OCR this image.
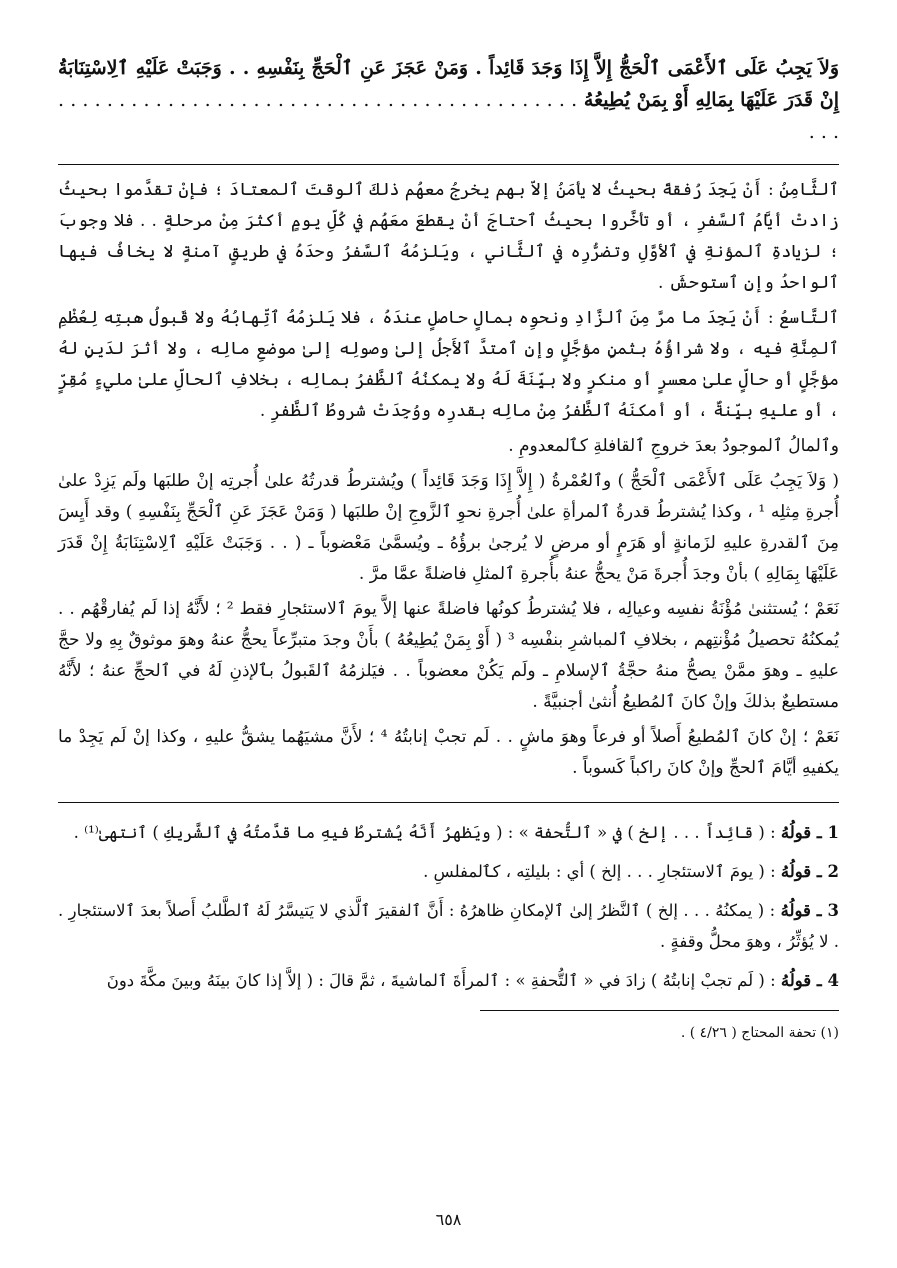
وَلاَ يَجِبُ عَلَى ٱلأَعْمَى ٱلْحَجُّ إِلاَّ إِذَا وَجَدَ قَائِداً . وَمَنْ عَجَزَ عَنِ ٱلْحَجِّ بِنَفْسِهِ . . وَجَبَتْ عَلَيْهِ ٱلِاسْتِنَابَةُ إِنْ قَدَرَ عَلَيْهَا بِمَالِهِ أَوْ بِمَنْ يُطِيعُهُ . . . . . . . . . . . . . . . . . . . . . . . . . . . . . . . . . . . . . . . . . . . . . .

ٱلثَّامِنُ : أَنْ يَجِدَ رُفقةً بحيثُ لا يأمَنُ إلاّ بهم يخرجُ معهُم ذلكَ ٱلوقتَ ٱلمعتادَ ؛ فإنْ تقدَّموا بحيثُ زادتْ أيَّامُ ٱلسَّفرِ ، أو تأخَّروا بحيثُ ٱحتاجَ أنْ يقطعَ معَهُم في كُلِّ يومٍ أكثرَ مِنْ مرحلةٍ . . فلا وجوبَ ؛ لزيادةِ ٱلمؤنةِ في ٱلأوَّلِ وتضرُّرِه في ٱلثَّاني ، ويَلزمُهُ ٱلسَّفرُ وحدَهُ في طريقٍ آمنةٍ لا يخافُ فيها ٱلواحدُ وإنِ ٱستوحشَ .

ٱلتَّاسعُ : أَنْ يَجِدَ ما مرَّ مِنَ ٱلزَّادِ ونحوِه بمالٍ حاصلٍ عندَهُ ، فلا يَلزمُهُ ٱتِّهابُهُ ولا قَبولُ هبتِه لِعُظْمِ ٱلمِنَّةِ فيه ، ولا شراؤُهُ بثمنٍ مؤجَّلٍ وإنِ ٱمتدَّ ٱلأَجلُ إلىٰ وصولِه إلىٰ موضعِ مالِه ، ولا أثرَ لدَينٍ لهُ مؤجَّلٍ أو حالٍّ علىٰ معسرٍ أو منكرٍ ولا بيِّنَةَ لَهُ ولا يمكنُهُ ٱلظَّفرُ بمالِه ، بخلافِ ٱلحالِّ علىٰ مليءٍ مُقِرٍّ ، أو عليهِ بيِّنةٌ ، أو أمكنَهُ ٱلظَّفرُ مِنْ مالِه بقدرِه ووُجِدَتْ شروطُ ٱلظَّفرِ .

وٱلمالُ ٱلموجودُ بعدَ خروجِ ٱلقافلةِ كٱلمعدومِ .

( وَلاَ يَجِبُ عَلَى ٱلأَعْمَى ٱلْحَجُّ ) وٱلعُمْرةُ ( إِلاَّ إِذَا وَجَدَ قَائِداً ) ويُشترطُ قدرتُهُ علىٰ أُجرتِه إنْ طلبَها ولَم يَزِدْ علىٰ أُجرةِ مِثلِه ¹ ، وكذا يُشترطُ قدرةُ ٱلمرأةِ علىٰ أُجرةِ نحوِ ٱلزَّوجِ إنْ طلبَها ( وَمَنْ عَجَزَ عَنِ ٱلْحَجِّ بِنَفْسِهِ ) وقد أَيِسَ مِنَ ٱلقدرةِ عليهِ لزَمانةٍ أو هَرَمٍ أو مرضٍ لا يُرجىٰ برؤُهُ ـ ويُسمَّىٰ مَعْضوباً ـ ( . . وَجَبَتْ عَلَيْهِ ٱلِاسْتِنَابَةُ إِنْ قَدَرَ عَلَيْهَا بِمَالِهِ ) بأنْ وجدَ أُجرةَ مَنْ يحجُّ عنهُ بأُجرةِ ٱلمثلِ فاضلةً عمَّا مرَّ .

نَعَمْ ؛ يُستثنىٰ مُؤْنَةُ نفسِه وعيالِه ، فلا يُشترطُ كونُها فاضلةً عنها إلاَّ يومَ ٱلاستئجارِ فقط ² ؛ لأَنَّهُ إذا لَم يُفارقْهُم . . يُمكنُهُ تحصيلُ مُؤْنتِهم ، بخلافِ ٱلمباشرِ بنفْسِه ³ ( أَوْ بِمَنْ يُطِيعُهُ ) بأَنْ وجدَ متبرِّعاً يحجُّ عنهُ وهوَ موثوقٌ بِهِ ولا حجَّ عليهِ ـ وهوَ ممَّنْ يصحُّ منهُ حجَّةُ ٱلإسلامِ ـ ولَم يَكُنْ معضوباً . . فيَلزمُهُ ٱلقَبولُ بٱلإذنِ لَهُ في ٱلحجِّ عنهُ ؛ لأَنَّهُ مستطيعٌ بذلكَ وإنْ كانَ ٱلمُطيعُ أُنثىٰ أجنبيَّةً .

نَعَمْ ؛ إنْ كانَ ٱلمُطيعُ أَصلاً أو فرعاً وهوَ ماشٍ . . لَم تجبْ إنابتُهُ ⁴ ؛ لأَنَّ مشيَهُما يشقُّ عليهِ ، وكذا إنْ لَم يَجِدْ ما يكفيهِ أيَّامَ ٱلحجِّ وإنْ كانَ راكباً كَسوباً .

1 ـ قولُهُ : ( قائِداً . . . إلخ ) في « ٱلتُّحفة » : ( ويَظهرُ أَنَّهُ يُشترطُ فيهِ ما قدَّمتُهُ في ٱلشَّريكِ ) ٱنتهىٰ⁽¹⁾ .

2 ـ قولُهُ : ( يومَ ٱلاستئجارِ . . . إلخ ) أي : بليلتِه ، كٱلمفلسِ .

3 ـ قولُهُ : ( يمكنُهُ . . . إلخ ) ٱلنَّظرُ إلىٰ ٱلإمكانِ ظاهرُهُ : أَنَّ ٱلفقيرَ ٱلَّذي لا يَتيسَّرُ لَهُ ٱلطَّلبُ أَصلاً بعدَ ٱلاستئجارِ . . لا يُؤثِّرُ ، وهوَ محلُّ وقفةٍ .

4 ـ قولُهُ : ( لَم تجبْ إنابتُهُ ) زادَ في « ٱلتُّحفةِ » : ٱلمرأَةَ ٱلماشيةَ ، ثمَّ قالَ : ( إلاَّ إذا كانَ بينَهُ وبينَ مكَّةَ دونَ

(١) تحفة المحتاج ( ٤/٢٦ ) .

٦٥٨
